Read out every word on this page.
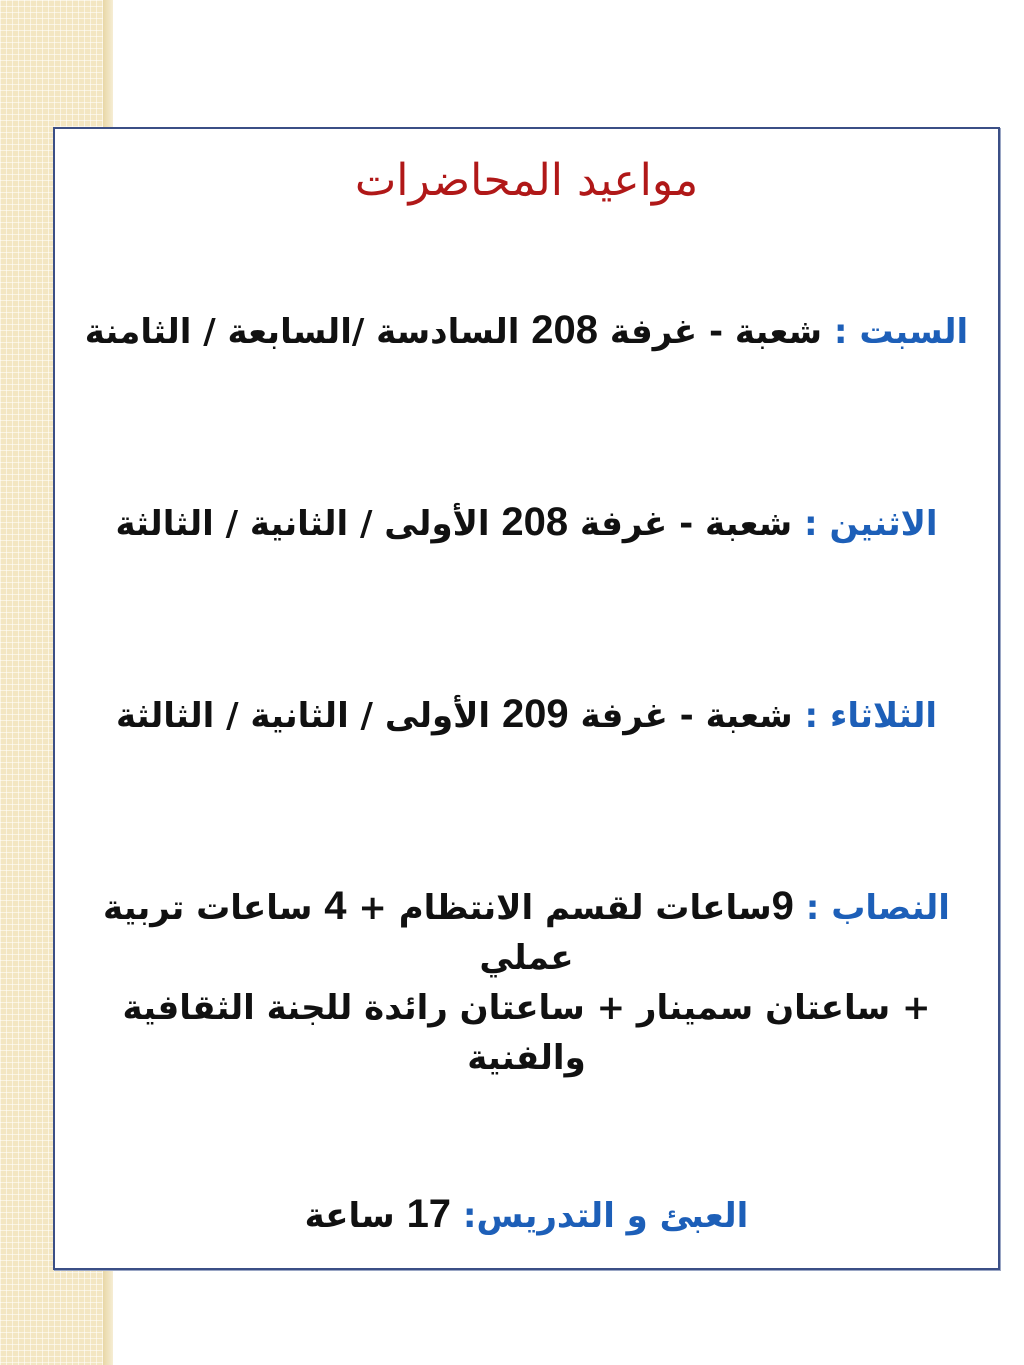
مواعيد المحاضرات
السبت : شعبة - غرفة 208 السادسة /السابعة / الثامنة
الاثنين : شعبة - غرفة 208 الأولى / الثانية / الثالثة
الثلاثاء : شعبة - غرفة 209 الأولى / الثانية / الثالثة
النصاب : 9ساعات لقسم الانتظام + 4 ساعات تربية عملي
+ ساعتان سمينار + ساعتان رائدة للجنة الثقافية والفنية
العبئ و التدريس: 17 ساعة
